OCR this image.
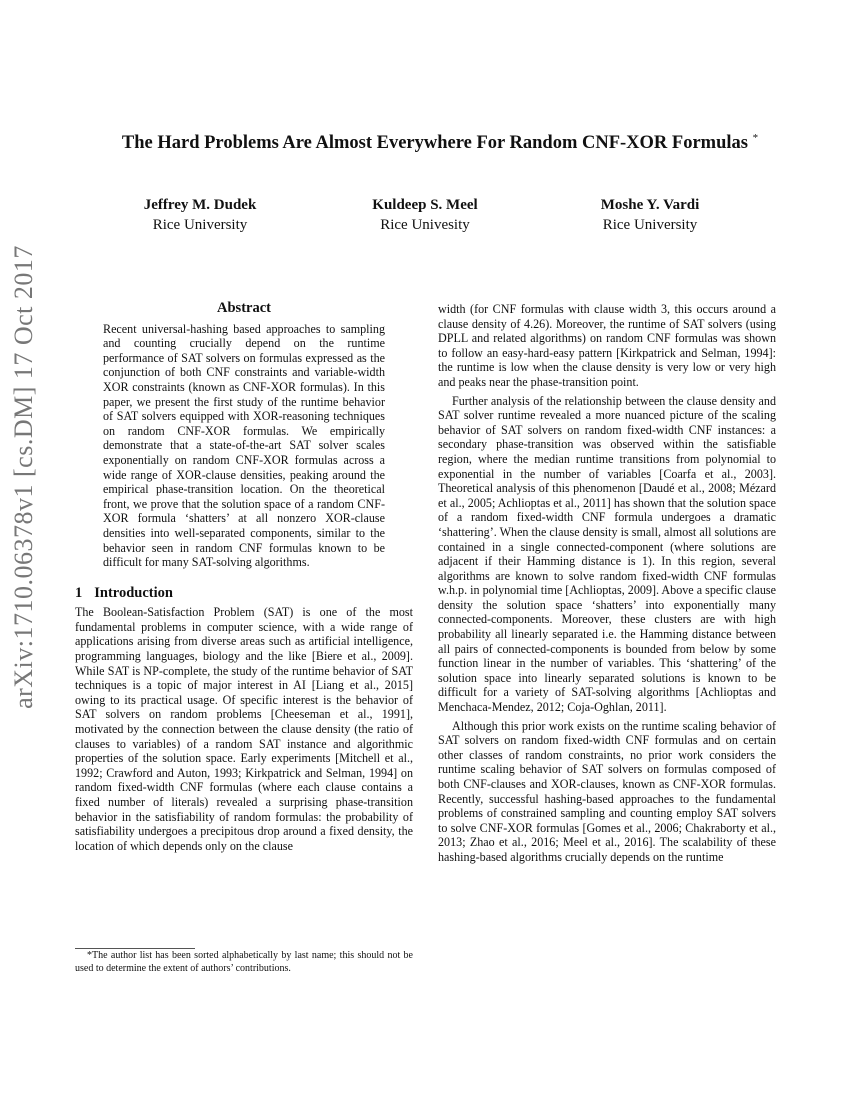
arXiv:1710.06378v1 [cs.DM] 17 Oct 2017
The Hard Problems Are Almost Everywhere For Random CNF-XOR Formulas *
Jeffrey M. Dudek
Rice University
Kuldeep S. Meel
Rice Univesity
Moshe Y. Vardi
Rice University
Abstract

Recent universal-hashing based approaches to sampling and counting crucially depend on the runtime performance of SAT solvers on formulas expressed as the conjunction of both CNF constraints and variable-width XOR constraints (known as CNF-XOR formulas). In this paper, we present the first study of the runtime behavior of SAT solvers equipped with XOR-reasoning techniques on random CNF-XOR formulas. We empirically demonstrate that a state-of-the-art SAT solver scales exponentially on random CNF-XOR formulas across a wide range of XOR-clause densities, peaking around the empirical phase-transition location. On the theoretical front, we prove that the solution space of a random CNF-XOR formula ‘shatters’ at all nonzero XOR-clause densities into well-separated components, similar to the behavior seen in random CNF formulas known to be difficult for many SAT-solving algorithms.

1 Introduction

The Boolean-Satisfaction Problem (SAT) is one of the most fundamental problems in computer science, with a wide range of applications arising from diverse areas such as artificial intelligence, programming languages, biology and the like [Biere et al., 2009]. While SAT is NP-complete, the study of the runtime behavior of SAT techniques is a topic of major interest in AI [Liang et al., 2015] owing to its practical usage. Of specific interest is the behavior of SAT solvers on random problems [Cheeseman et al., 1991], motivated by the connection between the clause density (the ratio of clauses to variables) of a random SAT instance and algorithmic properties of the solution space. Early experiments [Mitchell et al., 1992; Crawford and Auton, 1993; Kirkpatrick and Selman, 1994] on random fixed-width CNF formulas (where each clause contains a fixed number of literals) revealed a surprising phase-transition behavior in the satisfiability of random formulas: the probability of satisfiability undergoes a precipitous drop around a fixed density, the location of which depends only on the clause

width (for CNF formulas with clause width 3, this occurs around a clause density of 4.26). Moreover, the runtime of SAT solvers (using DPLL and related algorithms) on random CNF formulas was shown to follow an easy-hard-easy pattern [Kirkpatrick and Selman, 1994]: the runtime is low when the clause density is very low or very high and peaks near the phase-transition point.

Further analysis of the relationship between the clause density and SAT solver runtime revealed a more nuanced picture of the scaling behavior of SAT solvers on random fixed-width CNF instances: a secondary phase-transition was observed within the satisfiable region, where the median runtime transitions from polynomial to exponential in the number of variables [Coarfa et al., 2003]. Theoretical analysis of this phenomenon [Daudé et al., 2008; Mézard et al., 2005; Achlioptas et al., 2011] has shown that the solution space of a random fixed-width CNF formula undergoes a dramatic ‘shattering’. When the clause density is small, almost all solutions are contained in a single connected-component (where solutions are adjacent if their Hamming distance is 1). In this region, several algorithms are known to solve random fixed-width CNF formulas w.h.p. in polynomial time [Achlioptas, 2009]. Above a specific clause density the solution space ‘shatters’ into exponentially many connected-components. Moreover, these clusters are with high probability all linearly separated i.e. the Hamming distance between all pairs of connected-components is bounded from below by some function linear in the number of variables. This ‘shattering’ of the solution space into linearly separated solutions is known to be difficult for a variety of SAT-solving algorithms [Achlioptas and Menchaca-Mendez, 2012; Coja-Oghlan, 2011].

Although this prior work exists on the runtime scaling behavior of SAT solvers on random fixed-width CNF formulas and on certain other classes of random constraints, no prior work considers the runtime scaling behavior of SAT solvers on formulas composed of both CNF-clauses and XOR-clauses, known as CNF-XOR formulas. Recently, successful hashing-based approaches to the fundamental problems of constrained sampling and counting employ SAT solvers to solve CNF-XOR formulas [Gomes et al., 2006; Chakraborty et al., 2013; Zhao et al., 2016; Meel et al., 2016]. The scalability of these hashing-based algorithms crucially depends on the runtime

*The author list has been sorted alphabetically by last name; this should not be used to determine the extent of authors’ contributions.
